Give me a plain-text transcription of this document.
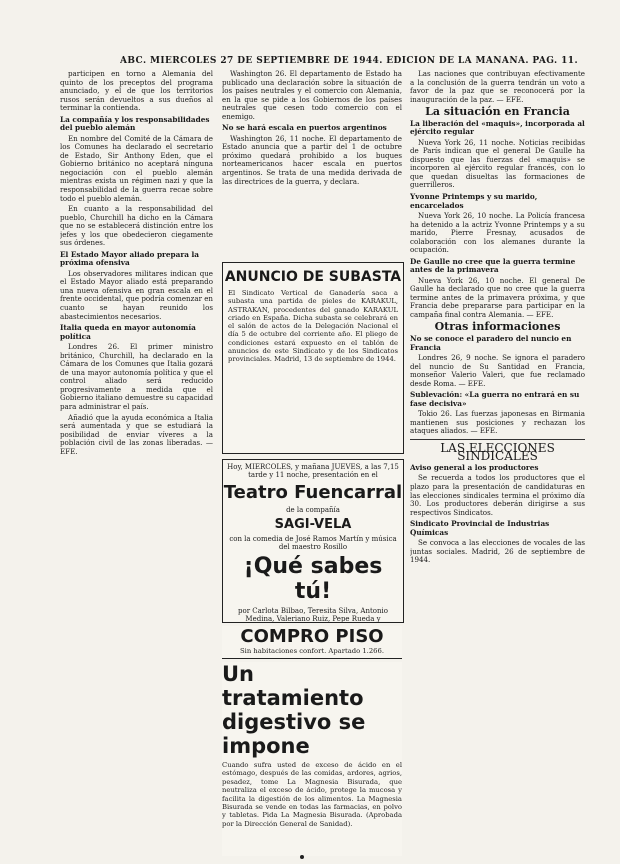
ABC. MIERCOLES 27 DE SEPTIEMBRE DE 1944. EDICION DE LA MAÑANA. PAG. 11.

participen en torno a Alemania del quinto de los preceptos del programa anunciado, y el de que los territorios rusos serán devueltos a sus dueños al terminar la contienda.

La compañía y los responsabilidades del pueblo alemán

En nombre del Comité de la Cámara de los Comunes ha declarado el secretario de Estado, Sir Anthony Eden, que el Gobierno británico no aceptará ninguna negociación con el pueblo alemán mientras exista un régimen nazi y que la responsabilidad de la guerra recae sobre todo el pueblo alemán.

En cuanto a la responsabilidad del pueblo, Churchill ha dicho en la Cámara que no se establecerá distinción entre los jefes y los que obedecieron ciegamente sus órdenes.

El Estado Mayor aliado prepara la próxima ofensiva

Los observadores militares indican que el Estado Mayor aliado está preparando una nueva ofensiva en gran escala en el frente occidental, que podría comenzar en cuanto se hayan reunido los abastecimientos necesarios.

Italia queda en mayor autonomía política

Londres 26. El primer ministro británico, Churchill, ha declarado en la Cámara de los Comunes que Italia gozará de una mayor autonomía política y que el control aliado será reducido progresivamente a medida que el Gobierno italiano demuestre su capacidad para administrar el país.

Añadió que la ayuda económica a Italia será aumentada y que se estudiará la posibilidad de enviar víveres a la población civil de las zonas liberadas. — EFE.

Washington 26. El departamento de Estado ha publicado una declaración sobre la situación de los países neutrales y el comercio con Alemania, en la que se pide a los Gobiernos de los países neutrales que cesen todo comercio con el enemigo.

No se hará escala en puertos argentinos

Washington 26, 11 noche. El departamento de Estado anuncia que a partir del 1 de octubre próximo quedará prohibido a los buques norteamericanos hacer escala en puertos argentinos. Se trata de una medida derivada de las directrices de la guerra, y declara.

ANUNCIO DE SUBASTA
El Sindicato Vertical de Ganadería saca a subasta una partida de pieles de KARAKUL, ASTRAKAN, procedentes del ganado KARAKUL criado en España. Dicha subasta se celebrará en el salón de actos de la Delegación Nacional el día 5 de octubre del corriente año. El pliego de condiciones estará expuesto en el tablón de anuncios de este Sindicato y de los Sindicatos provinciales. Madrid, 13 de septiembre de 1944.
Hoy, MIERCOLES, y mañana JUEVES, a las 7,15 tarde y 11 noche, presentación en el
Teatro Fuencarral
de la compañía
SAGI-VELA
con la comedia de José Ramos Martín y música del maestro Rosillo
¡Qué sabes tú!
por Carlota Bilbao, Teresita Silva, Antonio Medina, Valeriano Ruiz, Pepe Rueda y
COMPRO PISO
Sin habitaciones confort. Apartado 1.266.
Un tratamiento digestivo se impone
Cuando sufra usted de exceso de ácido en el estómago, después de las comidas, ardores, agrios, pesadez, tome La Magnesia Bisurada, que neutraliza el exceso de ácido, protege la mucosa y facilita la digestión de los alimentos. La Magnesia Bisurada se vende en todas las farmacias, en polvo y tabletas. Pida La Magnesia Bisurada. (Aprobada por la Dirección General de Sanidad).

Las naciones que contribuyan efectivamente a la conclusión de la guerra tendrán un voto a favor de la paz que se reconocerá por la inauguración de la paz. — EFE.

La situación en Francia
La liberación del «maquis», incorporada al ejército regular

Nueva York 26, 11 noche. Noticias recibidas de París indican que el general De Gaulle ha dispuesto que las fuerzas del «maquis» se incorporen al ejército regular francés, con lo que quedan disueltas las formaciones de guerrilleros.

Yvonne Printemps y su marido, encarcelados

Nueva York 26, 10 noche. La Policía francesa ha detenido a la actriz Yvonne Printemps y a su marido, Pierre Fresnay, acusados de colaboración con los alemanes durante la ocupación.

De Gaulle no cree que la guerra termine antes de la primavera

Nueva York 26, 10 noche. El general De Gaulle ha declarado que no cree que la guerra termine antes de la primavera próxima, y que Francia debe prepararse para participar en la campaña final contra Alemania. — EFE.

Otras informaciones
No se conoce el paradero del nuncio en Francia

Londres 26, 9 noche. Se ignora el paradero del nuncio de Su Santidad en Francia, monseñor Valerio Valeri, que fue reclamado desde Roma. — EFE.

Sublevación: «La guerra no entrará en su fase decisiva»

Tokio 26. Las fuerzas japonesas en Birmania mantienen sus posiciones y rechazan los ataques aliados. — EFE.

LAS ELECCIONES SINDICALES
Aviso general a los productores

Se recuerda a todos los productores que el plazo para la presentación de candidaturas en las elecciones sindicales termina el próximo día 30. Los productores deberán dirigirse a sus respectivos Sindicatos.

Sindicato Provincial de Industrias Químicas

Se convoca a las elecciones de vocales de las juntas sociales. Madrid, 26 de septiembre de 1944.
